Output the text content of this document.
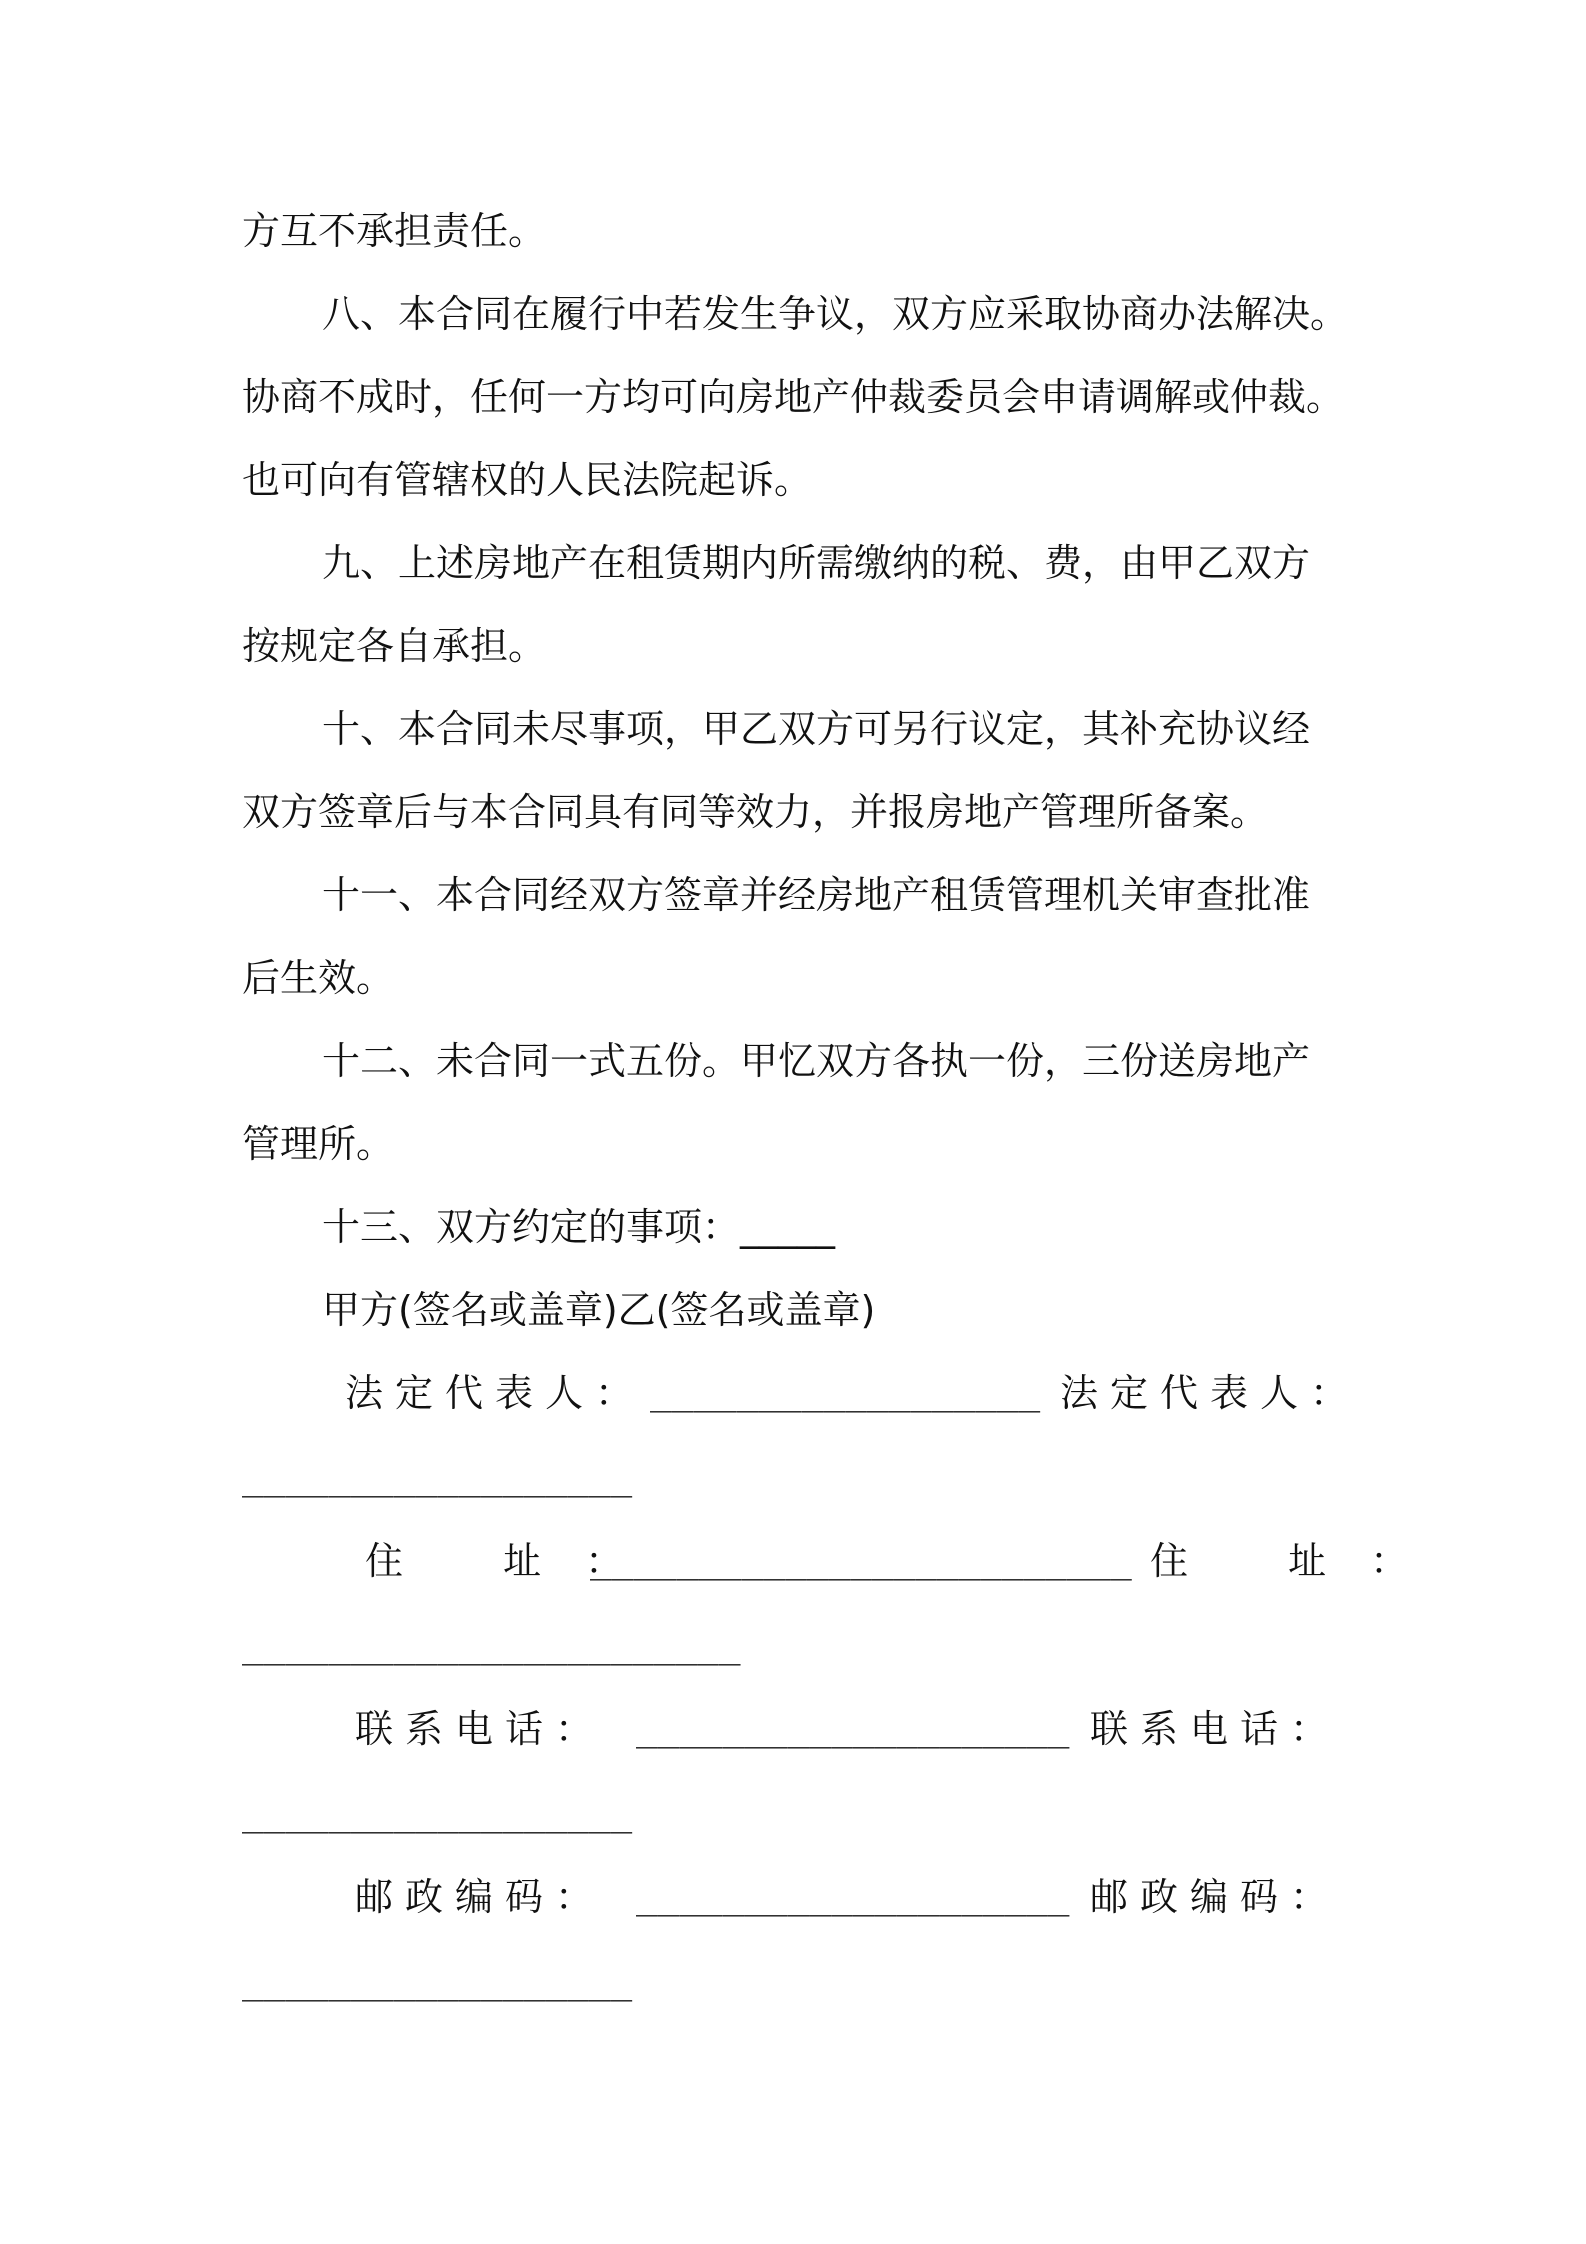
方互不承担责任。
八、本合同在履行中若发生争议，双方应采取协商办法解决。
协商不成时，任何一方均可向房地产仲裁委员会申请调解或仲裁。
也可向有管辖权的人民法院起诉。
九、上述房地产在租赁期内所需缴纳的税、费，由甲乙双方
按规定各自承担。
十、本合同未尽事项，甲乙双方可另行议定，其补充协议经
双方签章后与本合同具有同等效力，并报房地产管理所备案。
十一、本合同经双方签章并经房地产租赁管理机关审查批准
后生效。
十二、未合同一式五份。甲忆双方各执一份，三份送房地产
管理所。
十三、双方约定的事项：_____
甲方(签名或盖章)乙(签名或盖章)
法定代表人： __________________ 法定代表人：
__________________
住 址：
_________________________ 住 址：
_______________________
联系电话： ____________________ 联系电话：
__________________
邮政编码： ____________________ 邮政编码：
__________________
